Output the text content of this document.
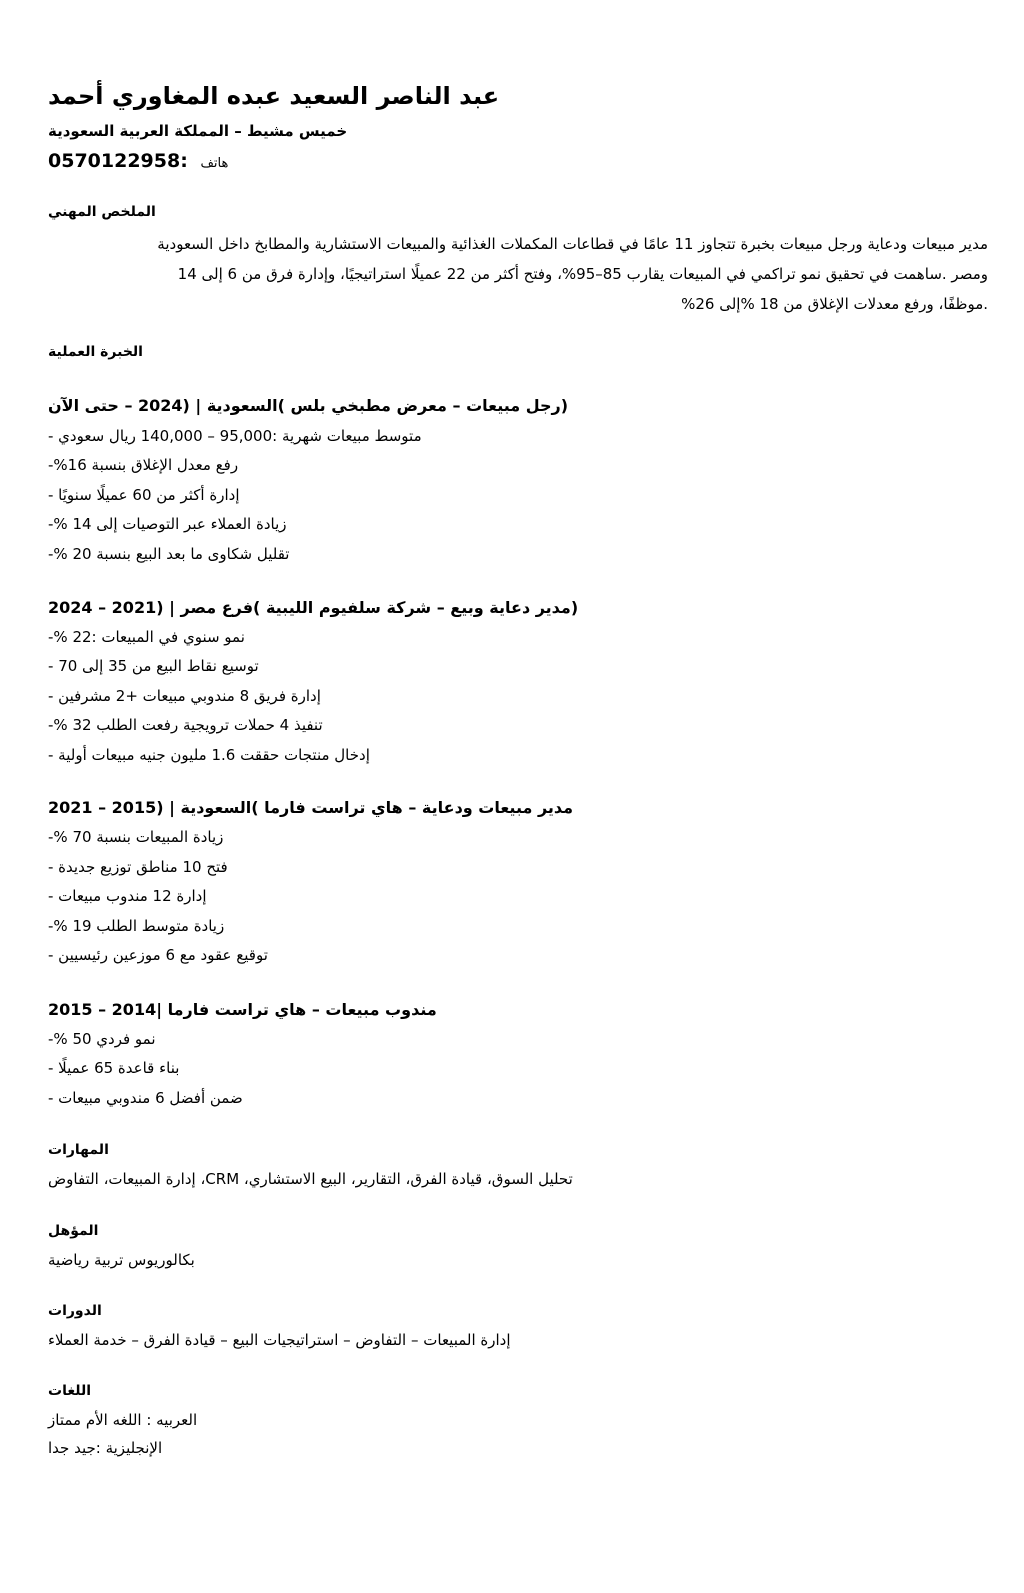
عبد الناصر السعيد عبده المغاوري أحمد
خميس مشيط – المملكة العربية السعودية
0570122958: هاتف
الملخص المهني
مدير مبيعات ودعاية ورجل مبيعات بخبرة تتجاوز 11 عامًا في قطاعات المكملات الغذائية والمبيعات الاستشارية والمطابخ داخل السعودية
ومصر .ساهمت في تحقيق نمو تراكمي في المبيعات يقارب 85–95%، وفتح أكثر من 22 عميلًا استراتيجيًا، وإدارة فرق من 6 إلى 14
.موظفًا، ورفع معدلات الإغلاق من 18 %إلى 26%
الخبرة العملية
(رجل مبيعات – معرض مطبخي بلس )السعودية | (2024 – حتى الآن
متوسط مبيعات شهرية :95,000 – 140,000 ريال سعودي -
رفع معدل الإغلاق بنسبة 16%-
إدارة أكثر من 60 عميلًا سنويًا -
زيادة العملاء عبر التوصيات إلى 14 %-
تقليل شكاوى ما بعد البيع بنسبة 20 %-
(مدير دعاية وبيع – شركة سلفيوم الليبية )فرع مصر | (2021 – 2024
نمو سنوي في المبيعات :22 %-
توسيع نقاط البيع من 35 إلى 70 -
إدارة فريق 8 مندوبي مبيعات +2 مشرفين -
تنفيذ 4 حملات ترويجية رفعت الطلب 32 %-
إدخال منتجات حققت 1.6 مليون جنيه مبيعات أولية -
مدير مبيعات ودعاية – هاي تراست فارما )السعودية | (2015 – 2021
زيادة المبيعات بنسبة 70 %-
فتح 10 مناطق توزيع جديدة -
إدارة 12 مندوب مبيعات -
زيادة متوسط الطلب 19 %-
توقيع عقود مع 6 موزعين رئيسيين -
مندوب مبيعات – هاي تراست فارما |2014 – 2015
نمو فردي 50 %-
بناء قاعدة 65 عميلًا -
ضمن أفضل 6 مندوبي مبيعات -
المهارات
تحليل السوق، قيادة الفرق، التقارير، البيع الاستشاري، CRM، إدارة المبيعات، التفاوض
المؤهل
بكالوريوس تربية رياضية
الدورات
إدارة المبيعات – التفاوض – استراتيجيات البيع – قيادة الفرق – خدمة العملاء
اللغات
العربيه : اللغه الأم ممتاز
الإنجليزية :جيد جدا
